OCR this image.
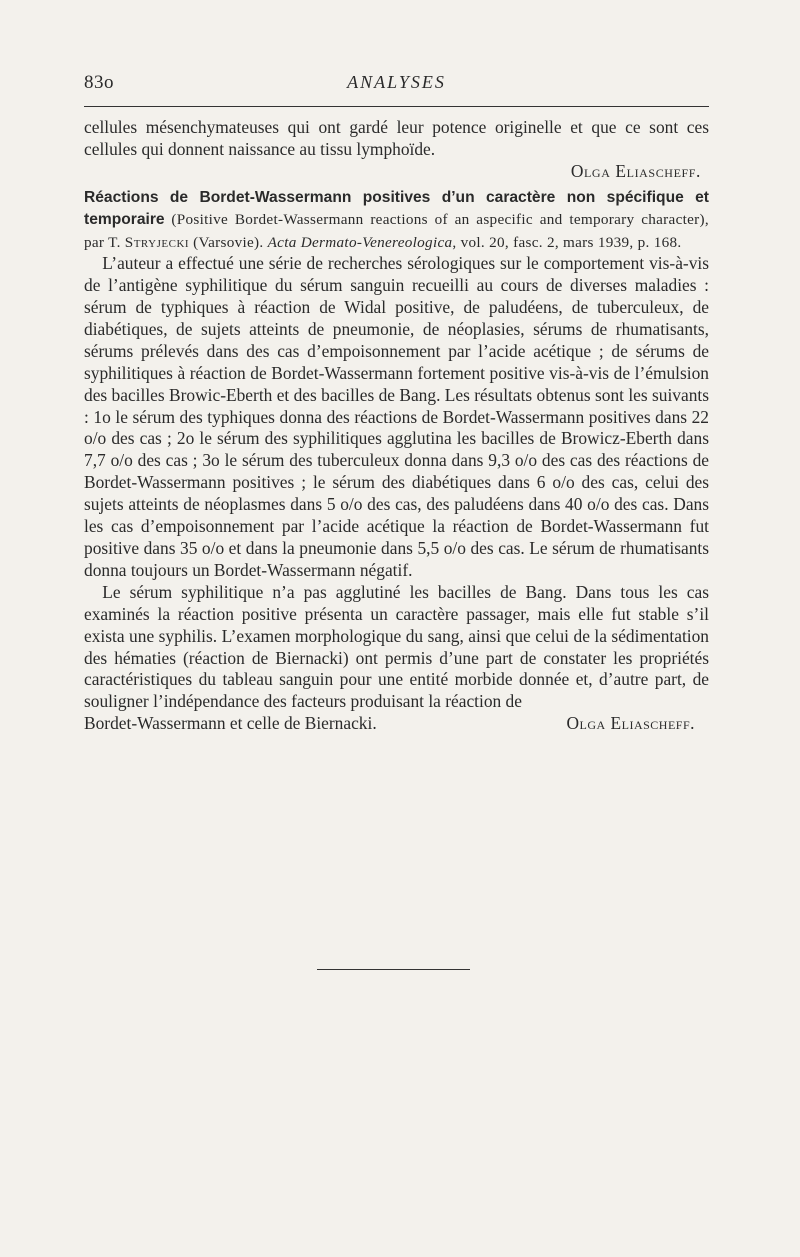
83o	ANALYSES

cellules mésenchymateuses qui ont gardé leur potence originelle et que ce sont ces cellules qui donnent naissance au tissu lymphoïde.

Olga Eliascheff.

Réactions de Bordet-Wassermann positives d’un caractère non spécifique et temporaire (Positive Bordet-Wassermann reactions of an aspecific and temporary character), par T. Stryjecki (Varsovie). Acta Dermato-Venereologica, vol. 20, fasc. 2, mars 1939, p. 168.

L’auteur a effectué une série de recherches sérologiques sur le comportement vis-à-vis de l’antigène syphilitique du sérum sanguin recueilli au cours de diverses maladies : sérum de typhiques à réaction de Widal positive, de paludéens, de tuberculeux, de diabétiques, de sujets atteints de pneumonie, de néoplasies, sérums de rhumatisants, sérums prélevés dans des cas d’empoisonnement par l’acide acétique ; de sérums de syphilitiques à réaction de Bordet-Wassermann fortement positive vis-à-vis de l’émulsion des bacilles Browic-Eberth et des bacilles de Bang. Les résultats obtenus sont les suivants : 1o le sérum des typhiques donna des réactions de Bordet-Wassermann positives dans 22 o/o des cas ; 2o le sérum des syphilitiques agglutina les bacilles de Browicz-Eberth dans 7,7 o/o des cas ; 3o le sérum des tuberculeux donna dans 9,3 o/o des cas des réactions de Bordet-Wassermann positives ; le sérum des diabétiques dans 6 o/o des cas, celui des sujets atteints de néoplasmes dans 5 o/o des cas, des paludéens dans 40 o/o des cas. Dans les cas d’empoisonnement par l’acide acétique la réaction de Bordet-Wassermann fut positive dans 35 o/o et dans la pneumonie dans 5,5 o/o des cas. Le sérum de rhumatisants donna toujours un Bordet-Wassermann négatif.

Le sérum syphilitique n’a pas agglutiné les bacilles de Bang. Dans tous les cas examinés la réaction positive présenta un caractère passager, mais elle fut stable s’il exista une syphilis. L’examen morphologique du sang, ainsi que celui de la sédimentation des hématies (réaction de Biernacki) ont permis d’une part de constater les propriétés caractéristiques du tableau sanguin pour une entité morbide donnée et, d’autre part, de souligner l’indépendance des facteurs produisant la réaction de

Bordet-Wassermann et celle de Biernacki.	Olga Eliascheff.
